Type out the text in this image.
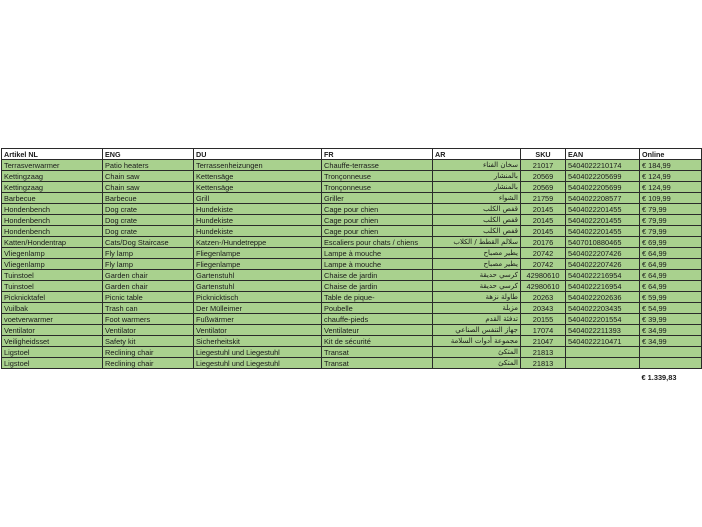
Artikel NL	ENG	DU	FR	AR	SKU	EAN	Online
Terrasverwarmer	Patio heaters	Terrassenheizungen	Chauffe-terrasse	سخان الفناء	21017	5404022210174	€ 184,99
Kettingzaag	Chain saw	Kettensäge	Tronçonneuse	بالمنشار	20569	5404022205699	€ 124,99
Kettingzaag	Chain saw	Kettensäge	Tronçonneuse	بالمنشار	20569	5404022205699	€ 124,99
Barbecue	Barbecue	Grill	Griller	الشواء	21759	5404022208577	€ 109,99
Hondenbench	Dog crate	Hundekiste	Cage pour chien	قفص الكلب	20145	5404022201455	€ 79,99
Hondenbench	Dog crate	Hundekiste	Cage pour chien	قفص الكلب	20145	5404022201455	€ 79,99
Hondenbench	Dog crate	Hundekiste	Cage pour chien	قفص الكلب	20145	5404022201455	€ 79,99
Katten/Hondentrap	Cats/Dog Staircase	Katzen-/Hundetreppe	Escaliers pour chats / chiens	سلالم القطط / الكلاب	20176	5407010880465	€ 69,99
Vliegenlamp	Fly lamp	Fliegenlampe	Lampe à mouche	يطير مصباح	20742	5404022207426	€ 64,99
Vliegenlamp	Fly lamp	Fliegenlampe	Lampe à mouche	يطير مصباح	20742	5404022207426	€ 64,99
Tuinstoel	Garden chair	Gartenstuhl	Chaise de jardin	كرسي حديقة	42980610	5404022216954	€ 64,99
Tuinstoel	Garden chair	Gartenstuhl	Chaise de jardin	كرسي حديقة	42980610	5404022216954	€ 64,99
Picknicktafel	Picnic table	Picknicktisch	Table de pique-	طاولة نزهة	20263	5404022202636	€ 59,99
Vuilbak	Trash can	Der Mülleimer	Poubelle	مزبلة	20343	5404022203435	€ 54,99
voetverwarmer	Foot warmers	Fußwärmer	chauffe-pieds	تدفئة القدم	20155	5404022201554	€ 39,99
Ventilator	Ventilator	Ventilator	Ventilateur	جهاز التنفس الصناعي	17074	5404022211393	€ 34,99
Veiligheidsset	Safety kit	Sicherheitskit	Kit de sécurité	مجموعة أدوات السلامة	21047	5404022210471	€ 34,99
Ligstoel	Reclining chair	Liegestuhl und Liegestuhl	Transat	المتكئ	21813		
Ligstoel	Reclining chair	Liegestuhl und Liegestuhl	Transat	المتكئ	21813		
							€ 1.339,83
